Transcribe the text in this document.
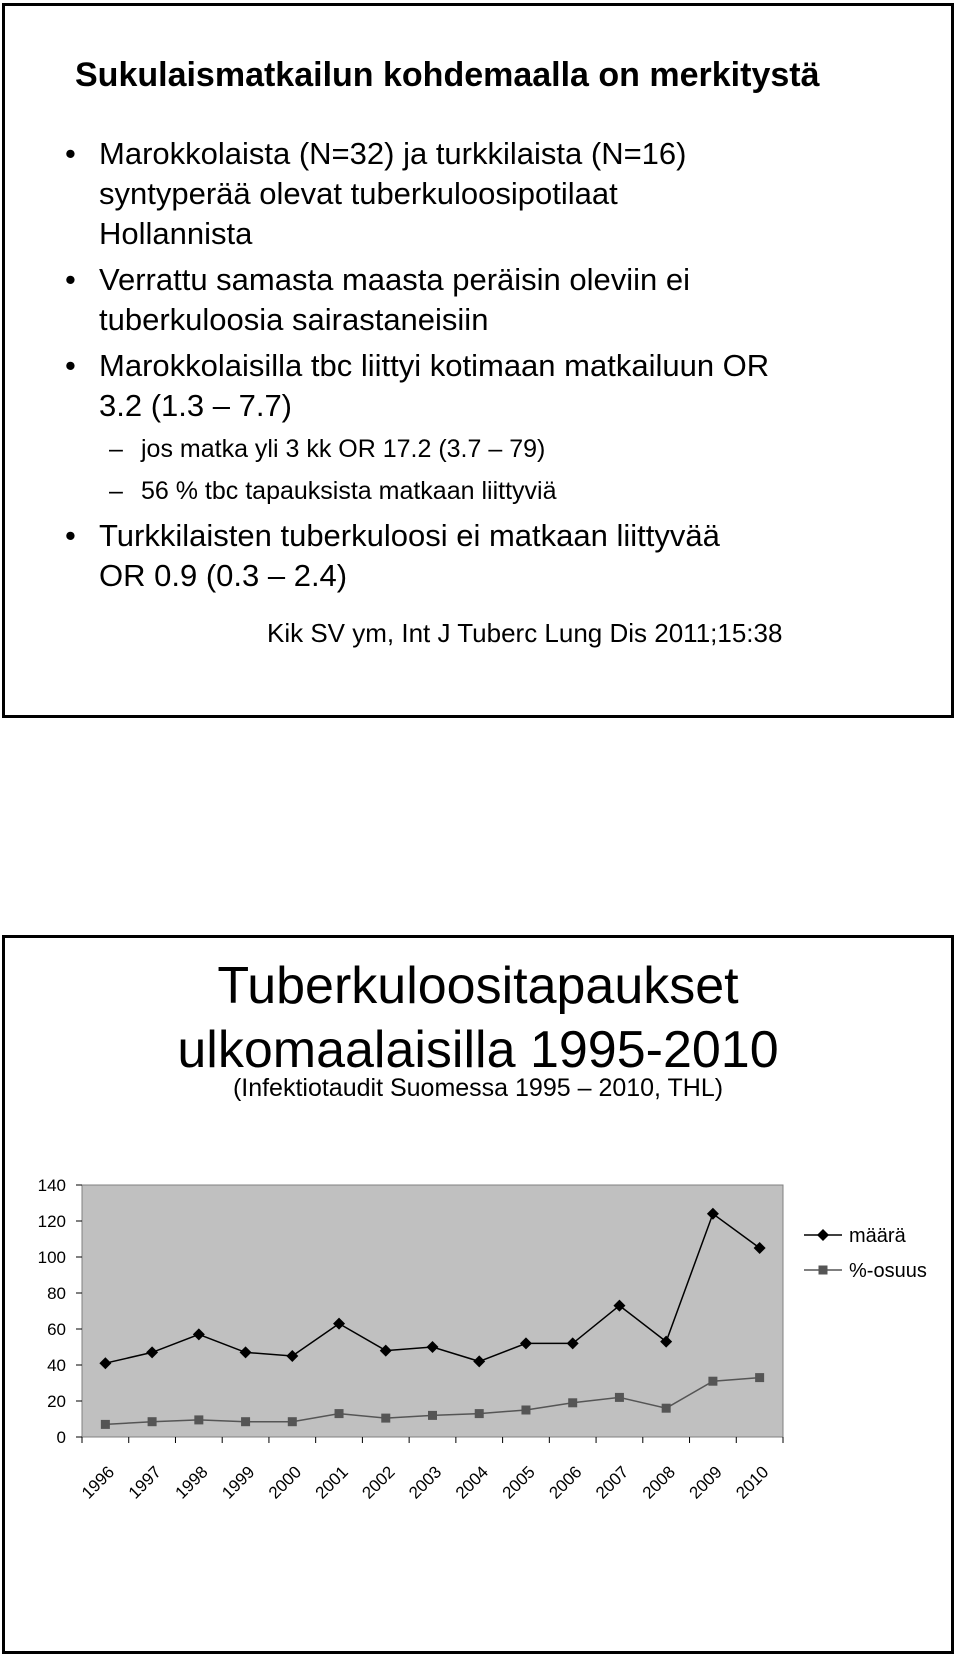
Sukulaismatkailun kohdemaalla on merkitystä
• Marokkolaista (N=32) ja turkkilaista (N=16)
syntyperää olevat tuberkuloosipotilaat
Hollannista
• Verrattu samasta maasta peräisin oleviin ei
tuberkuloosia sairastaneisiin
• Marokkolaisilla tbc liittyi kotimaan matkailuun OR
3.2 (1.3 – 7.7)
– jos matka yli 3 kk OR 17.2 (3.7 – 79)
– 56 % tbc tapauksista matkaan liittyviä
• Turkkilaisten tuberkuloosi ei matkaan liittyvää
OR 0.9 (0.3 – 2.4)
Kik SV ym, Int J Tuberc Lung Dis 2011;15:38
Tuberkuloositapaukset
ulkomaalaisilla 1995-2010
(Infektiotaudit Suomessa 1995 – 2010, THL)
0
20
40
60
80
100
120
140
1996 1997 1998 1999 2000 2001 2002 2003 2004 2005 2006 2007 2008 2009 2010
määrä
%-osuus
